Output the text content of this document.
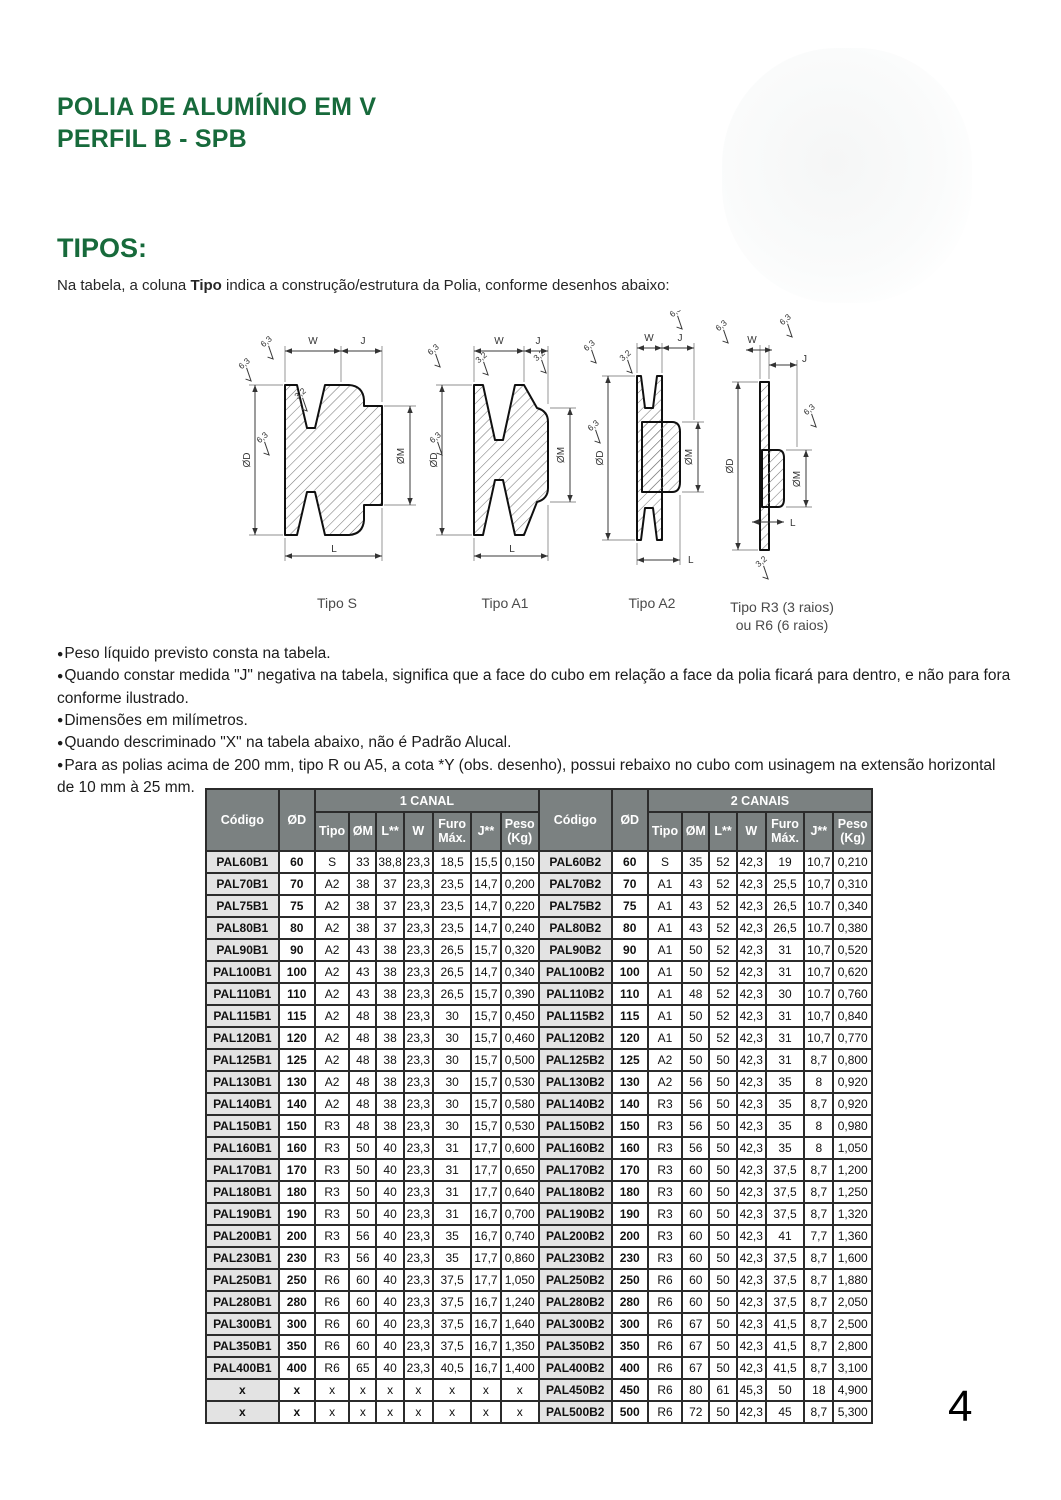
POLIA DE ALUMÍNIO EM V
PERFIL B - SPB
TIPOS:
Na tabela, a coluna Tipo indica a construção/estrutura da Polia, conforme desenhos abaixo:
W	J
ØD	ØM
L
6,3
6,3
3,2
6,3
Tipo S
W	J
ØD	ØM
L
6,3
3,2	3,2
6,3
Tipo A1
W J
ØD	ØM
L
6,3
3,2
6,3
6,3
Tipo A2
W
J
ØD
ØM
L
6,3	6,3
6,3
3,2
Tipo R3 (3 raios)
ou R6 (6 raios)
● Peso líquido previsto consta na tabela.
● Quando constar medida "J" negativa na tabela, significa que a face do cubo em relação a face da polia ficará para dentro, e não para fora conforme ilustrado.
● Dimensões em milímetros.
● Quando descriminado "X" na tabela abaixo, não é Padrão Alucal.
● Para as polias acima de 200 mm, tipo R ou A5, a cota *Y (obs. desenho), possui rebaixo no cubo com usinagem na extensão horizontal de 10 mm à 25 mm.
Código	ØD	1 CANAL							Código	ØD	2 CANAIS						
		Tipo	ØM	L**	W	Furo Máx.	J**	Peso (Kg)			Tipo	ØM	L**	W	Furo Máx.	J**	Peso (Kg)
PAL60B1	60	S	33	38,8	23,3	18,5	15,5	0,150	PAL60B2	60	S	35	52	42,3	19	10,7	0,210
PAL70B1	70	A2	38	37	23,3	23,5	14,7	0,200	PAL70B2	70	A1	43	52	42,3	25,5	10,7	0,310
PAL75B1	75	A2	38	37	23,3	23,5	14,7	0,220	PAL75B2	75	A1	43	52	42,3	26,5	10.7	0,340
PAL80B1	80	A2	38	37	23,3	23,5	14,7	0,240	PAL80B2	80	A1	43	52	42,3	26,5	10.7	0,380
PAL90B1	90	A2	43	38	23,3	26,5	15,7	0,320	PAL90B2	90	A1	50	52	42,3	31	10,7	0,520
PAL100B1	100	A2	43	38	23,3	26,5	14,7	0,340	PAL100B2	100	A1	50	52	42,3	31	10,7	0,620
PAL110B1	110	A2	43	38	23,3	26,5	15,7	0,390	PAL110B2	110	A1	48	52	42,3	30	10.7	0,760
PAL115B1	115	A2	48	38	23,3	30	15,7	0,450	PAL115B2	115	A1	50	52	42,3	31	10,7	0,840
PAL120B1	120	A2	48	38	23,3	30	15,7	0,460	PAL120B2	120	A1	50	52	42,3	31	10,7	0,770
PAL125B1	125	A2	48	38	23,3	30	15,7	0,500	PAL125B2	125	A2	50	50	42,3	31	8,7	0,800
PAL130B1	130	A2	48	38	23,3	30	15,7	0,530	PAL130B2	130	A2	56	50	42,3	35	8	0,920
PAL140B1	140	A2	48	38	23,3	30	15,7	0,580	PAL140B2	140	R3	56	50	42,3	35	8,7	0,920
PAL150B1	150	R3	48	38	23,3	30	15,7	0,530	PAL150B2	150	R3	56	50	42,3	35	8	0,980
PAL160B1	160	R3	50	40	23,3	31	17,7	0,600	PAL160B2	160	R3	56	50	42,3	35	8	1,050
PAL170B1	170	R3	50	40	23,3	31	17,7	0,650	PAL170B2	170	R3	60	50	42,3	37,5	8,7	1,200
PAL180B1	180	R3	50	40	23,3	31	17,7	0,640	PAL180B2	180	R3	60	50	42,3	37,5	8,7	1,250
PAL190B1	190	R3	50	40	23,3	31	16,7	0,700	PAL190B2	190	R3	60	50	42,3	37,5	8,7	1,320
PAL200B1	200	R3	56	40	23,3	35	16,7	0,740	PAL200B2	200	R3	60	50	42,3	41	7,7	1,360
PAL230B1	230	R3	56	40	23,3	35	17,7	0,860	PAL230B2	230	R3	60	50	42,3	37,5	8,7	1,600
PAL250B1	250	R6	60	40	23,3	37,5	17,7	1,050	PAL250B2	250	R6	60	50	42,3	37,5	8,7	1,880
PAL280B1	280	R6	60	40	23,3	37,5	16,7	1,240	PAL280B2	280	R6	60	50	42,3	37,5	8,7	2,050
PAL300B1	300	R6	60	40	23,3	37,5	16,7	1,640	PAL300B2	300	R6	67	50	42,3	41,5	8,7	2,500
PAL350B1	350	R6	60	40	23,3	37,5	16,7	1,350	PAL350B2	350	R6	67	50	42,3	41,5	8,7	2,800
PAL400B1	400	R6	65	40	23,3	40,5	16,7	1,400	PAL400B2	400	R6	67	50	42,3	41,5	8,7	3,100
x	x	x	x	x	x	x	x	x	PAL450B2	450	R6	80	61	45,3	50	18	4,900
x	x	x	x	x	x	x	x	x	PAL500B2	500	R6	72	50	42,3	45	8,7	5,300 4
